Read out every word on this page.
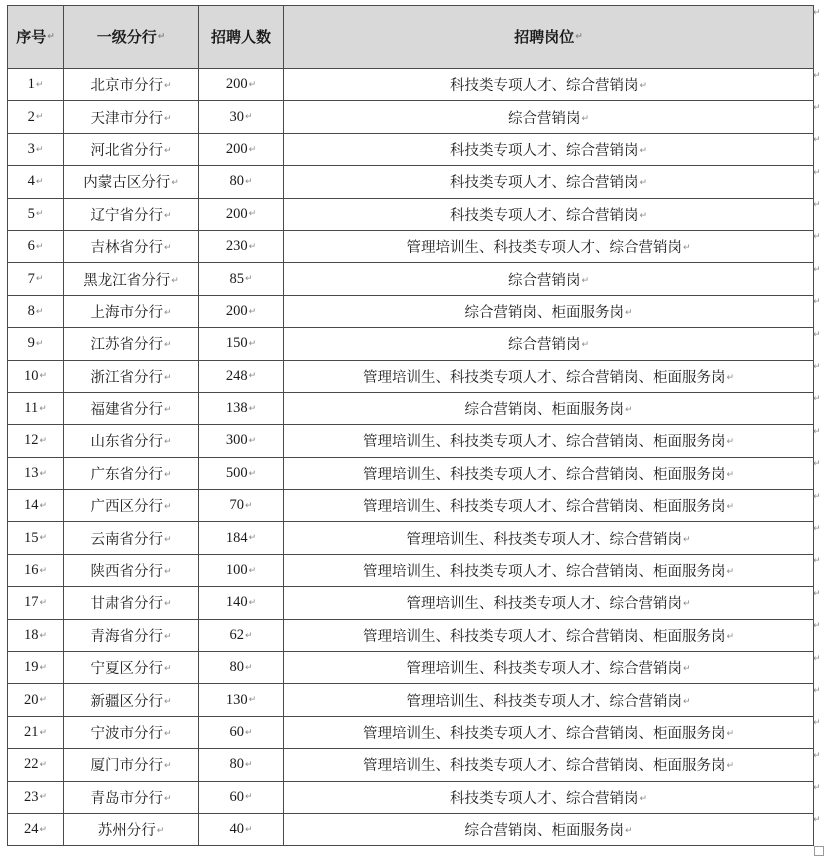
序号 ↵	一级分行 ↵	招聘人数	招聘岗位 ↵
1 ↵	北京市分行 ↵	200 ↵	科技类专项人才、综合营销岗 ↵
2 ↵	天津市分行 ↵	30 ↵	综合营销岗 ↵
3 ↵	河北省分行 ↵	200 ↵	科技类专项人才、综合营销岗 ↵
4 ↵	内蒙古区分行 ↵	80 ↵	科技类专项人才、综合营销岗 ↵
5 ↵	辽宁省分行 ↵	200 ↵	科技类专项人才、综合营销岗 ↵
6 ↵	吉林省分行 ↵	230 ↵	管理培训生、科技类专项人才、综合营销岗 ↵
7 ↵	黑龙江省分行 ↵	85 ↵	综合营销岗 ↵
8 ↵	上海市分行 ↵	200 ↵	综合营销岗、柜面服务岗 ↵
9 ↵	江苏省分行 ↵	150 ↵	综合营销岗 ↵
10 ↵	浙江省分行 ↵	248 ↵	管理培训生、科技类专项人才、综合营销岗、柜面服务岗 ↵
11 ↵	福建省分行 ↵	138 ↵	综合营销岗、柜面服务岗 ↵
12 ↵	山东省分行 ↵	300 ↵	管理培训生、科技类专项人才、综合营销岗、柜面服务岗 ↵
13 ↵	广东省分行 ↵	500 ↵	管理培训生、科技类专项人才、综合营销岗、柜面服务岗 ↵
14 ↵	广西区分行 ↵	70 ↵	管理培训生、科技类专项人才、综合营销岗、柜面服务岗 ↵
15 ↵	云南省分行 ↵	184 ↵	管理培训生、科技类专项人才、综合营销岗 ↵
16 ↵	陕西省分行 ↵	100 ↵	管理培训生、科技类专项人才、综合营销岗、柜面服务岗 ↵
17 ↵	甘肃省分行 ↵	140 ↵	管理培训生、科技类专项人才、综合营销岗 ↵
18 ↵	青海省分行 ↵	62 ↵	管理培训生、科技类专项人才、综合营销岗、柜面服务岗 ↵
19 ↵	宁夏区分行 ↵	80 ↵	管理培训生、科技类专项人才、综合营销岗 ↵
20 ↵	新疆区分行 ↵	130 ↵	管理培训生、科技类专项人才、综合营销岗 ↵
21 ↵	宁波市分行 ↵	60 ↵	管理培训生、科技类专项人才、综合营销岗、柜面服务岗 ↵
22 ↵	厦门市分行 ↵	80 ↵	管理培训生、科技类专项人才、综合营销岗、柜面服务岗 ↵
23 ↵	青岛市分行 ↵	60 ↵	科技类专项人才、综合营销岗 ↵
24 ↵	苏州分行 ↵	40 ↵	综合营销岗、柜面服务岗 ↵
↵
↵
↵
↵
↵
↵
↵
↵
↵
↵
↵
↵
↵
↵
↵
↵
↵
↵
↵
↵
↵
↵
↵
↵
↵
